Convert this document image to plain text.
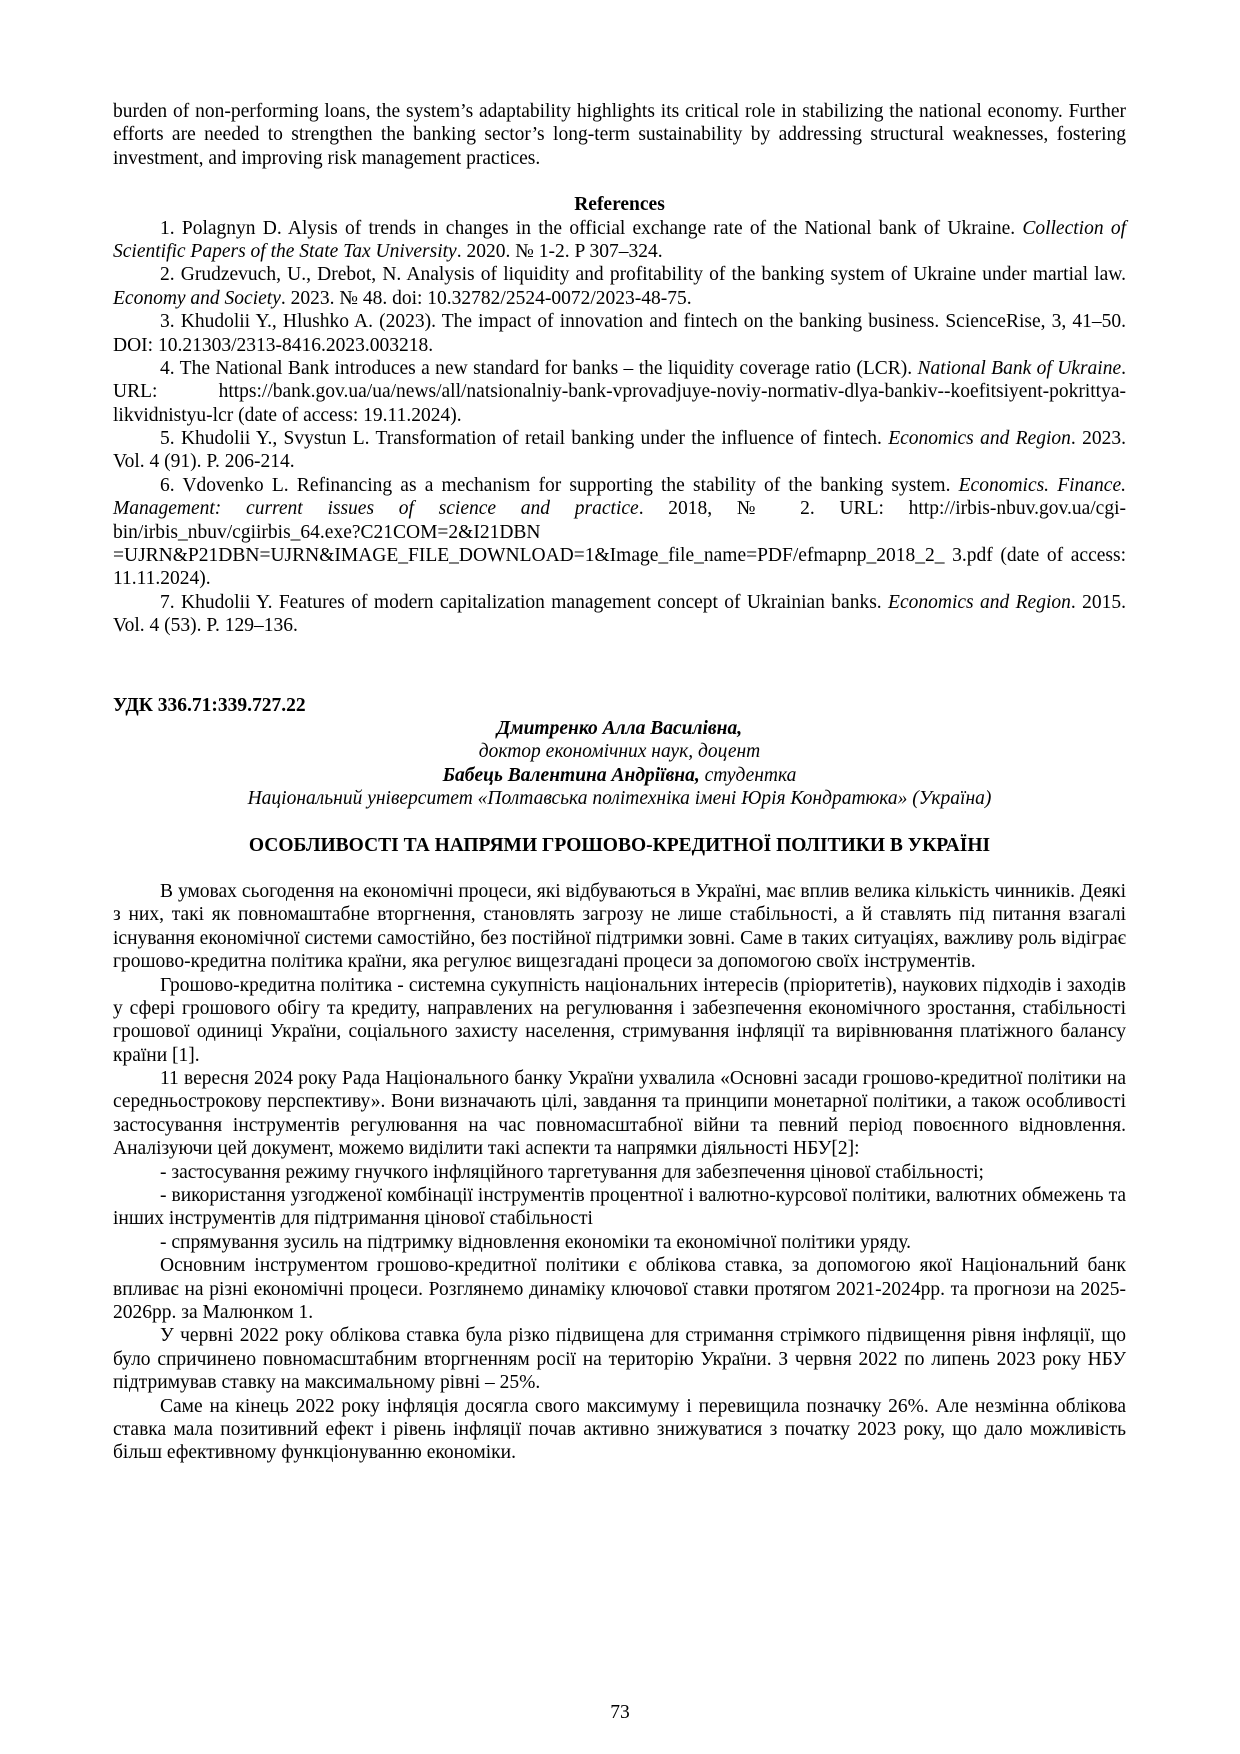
burden of non-performing loans, the system’s adaptability highlights its critical role in stabilizing the national economy. Further efforts are needed to strengthen the banking sector’s long-term sustainability by addressing structural weaknesses, fostering investment, and improving risk management practices.

References

1. Polagnyn D. Alysis of trends in changes in the official exchange rate of the National bank of Ukraine. Collection of Scientific Papers of the State Tax University. 2020. № 1-2. P 307–324.

2. Grudzevuch, U., Drebot, N. Analysis of liquidity and profitability of the banking system of Ukraine under martial law. Economy and Society. 2023. № 48. doi: 10.32782/2524-0072/2023-48-75.

3. Khudolii Y., Hlushko A. (2023). The impact of innovation and fintech on the banking business. ScienceRise, 3, 41–50. DOI: 10.21303/2313-8416.2023.003218.

4. The National Bank introduces a new standard for banks – the liquidity coverage ratio (LCR). National Bank of Ukraine. URL: https://bank.gov.ua/ua/news/all/natsionalniy-bank-vprovadjuye-noviy-normativ-dlya-bankiv--koefitsiyent-pokrittya-likvidnistyu-lcr (date of access: 19.11.2024).

5. Khudolii Y., Svystun L. Transformation of retail banking under the influence of fintech. Economics and Region. 2023. Vol. 4 (91). P. 206-214.

6. Vdovenko L. Refinancing as a mechanism for supporting the stability of the banking system. Economics. Finance. Management: current issues of science and practice. 2018, № 2. URL: http://irbis-nbuv.gov.ua/cgi-bin/irbis_nbuv/cgiirbis_64.exe?C21COM=2&I21DBN =UJRN&P21DBN=UJRN&IMAGE_FILE_DOWNLOAD=1&Image_file_name=PDF/efmapnp_2018_2_ 3.pdf (date of access: 11.11.2024).

7. Khudolii Y. Features of modern capitalization management concept of Ukrainian banks. Economics and Region. 2015. Vol. 4 (53). P. 129–136.

УДК 336.71:339.727.22

Дмитренко Алла Василівна,

доктор економічних наук, доцент

Бабець Валентина Андріївна, студентка

Національний університет «Полтавська політехніка імені Юрія Кондратюка» (Україна)

ОСОБЛИВОСТІ ТА НАПРЯМИ ГРОШОВО-КРЕДИТНОЇ ПОЛІТИКИ В УКРАЇНІ

В умовах сьогодення на економічні процеси, які відбуваються в Україні, має вплив велика кількість чинників. Деякі з них, такі як повномаштабне вторгнення, становлять загрозу не лише стабільності, а й ставлять під питання взагалі існування економічної системи самостійно, без постійної підтримки зовні. Саме в таких ситуаціях, важливу роль відіграє грошово-кредитна політика країни, яка регулює вищезгадані процеси за допомогою своїх інструментів.

Грошово-кредитна політика - системна сукупність національних інтересів (пріоритетів), наукових підходів і заходів у сфері грошового обігу та кредиту, направлених на регулювання і забезпечення економічного зростання, стабільності грошової одиниці України, соціального захисту населення, стримування інфляції та вирівнювання платіжного балансу країни [1].

11 вересня 2024 року Рада Національного банку України ухвалила «Основні засади грошово-кредитної політики на середньострокову перспективу». Вони визначають цілі, завдання та принципи монетарної політики, а також особливості застосування інструментів регулювання на час повномасштабної війни та певний період повоєнного відновлення. Аналізуючи цей документ, можемо виділити такі аспекти та напрямки діяльності НБУ[2]:

- застосування режиму гнучкого інфляційного таргетування для забезпечення цінової стабільності;

- використання узгодженої комбінації інструментів процентної і валютно-курсової політики, валютних обмежень та інших інструментів для підтримання цінової стабільності

- спрямування зусиль на підтримку відновлення економіки та економічної політики уряду.

Основним інструментом грошово-кредитної політики є облікова ставка, за допомогою якої Національний банк впливає на різні економічні процеси. Розглянемо динаміку ключової ставки протягом 2021-2024рр. та прогнози на 2025-2026рр. за Малюнком 1.

У червні 2022 року облікова ставка була різко підвищена для стримання стрімкого підвищення рівня інфляції, що було спричинено повномасштабним вторгненням росії на територію України. З червня 2022 по липень 2023 року НБУ підтримував ставку на максимальному рівні – 25%.

Саме на кінець 2022 року інфляція досягла свого максимуму і перевищила позначку 26%. Але незмінна облікова ставка мала позитивний ефект і рівень інфляції почав активно знижуватися з початку 2023 року, що дало можливість більш ефективному функціонуванню економіки.

73
